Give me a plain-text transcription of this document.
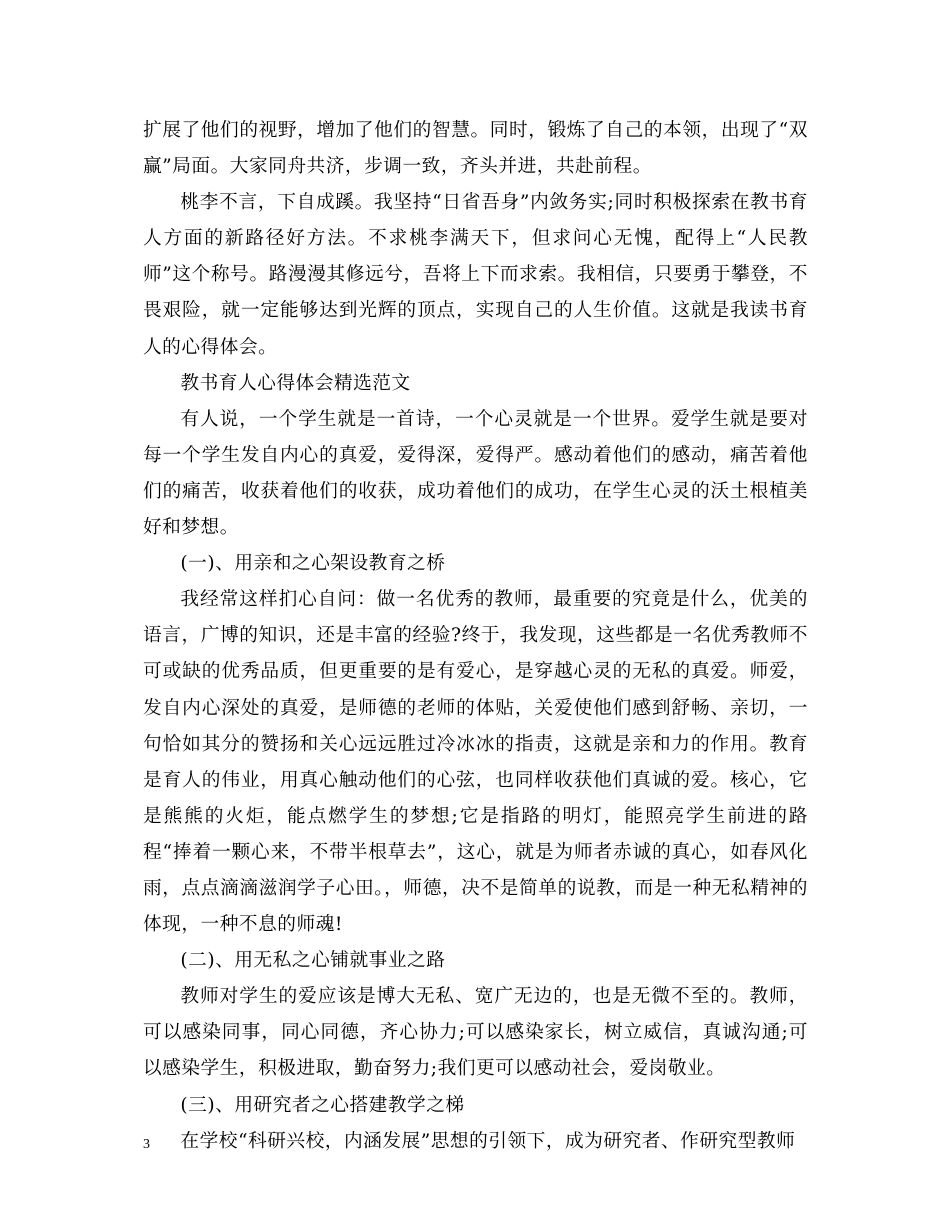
扩展了他们的视野，增加了他们的智慧。同时，锻炼了自己的本领，出现了“双赢”局面。大家同舟共济，步调一致，齐头并进，共赴前程。

桃李不言，下自成蹊。我坚持“日省吾身”内敛务实;同时积极探索在教书育人方面的新路径好方法。不求桃李满天下，但求问心无愧，配得上“人民教师”这个称号。路漫漫其修远兮，吾将上下而求索。我相信，只要勇于攀登，不畏艰险，就一定能够达到光辉的顶点，实现自己的人生价值。这就是我读书育人的心得体会。

教书育人心得体会精选范文

有人说，一个学生就是一首诗，一个心灵就是一个世界。爱学生就是要对每一个学生发自内心的真爱，爱得深，爱得严。感动着他们的感动，痛苦着他们的痛苦，收获着他们的收获，成功着他们的成功，在学生心灵的沃土根植美好和梦想。

(一)、用亲和之心架设教育之桥

我经常这样扪心自问：做一名优秀的教师，最重要的究竟是什么，优美的语言，广博的知识，还是丰富的经验?终于，我发现，这些都是一名优秀教师不可或缺的优秀品质，但更重要的是有爱心，是穿越心灵的无私的真爱。师爱，发自内心深处的真爱，是师德的老师的体贴，关爱使他们感到舒畅、亲切，一句恰如其分的赞扬和关心远远胜过冷冰冰的指责，这就是亲和力的作用。教育是育人的伟业，用真心触动他们的心弦，也同样收获他们真诚的爱。核心，它是熊熊的火炬，能点燃学生的梦想;它是指路的明灯，能照亮学生前进的路程“捧着一颗心来，不带半根草去”，这心，就是为师者赤诚的真心，如春风化雨，点点滴滴滋润学子心田。，师德，决不是简单的说教，而是一种无私精神的体现，一种不息的师魂!

(二)、用无私之心铺就事业之路

教师对学生的爱应该是博大无私、宽广无边的，也是无微不至的。教师，可以感染同事，同心同德，齐心协力;可以感染家长，树立威信，真诚沟通;可以感染学生，积极进取，勤奋努力;我们更可以感动社会，爱岗敬业。

(三)、用研究者之心搭建教学之梯

在学校“科研兴校，内涵发展”思想的引领下，成为研究者、作研究型教师

3
